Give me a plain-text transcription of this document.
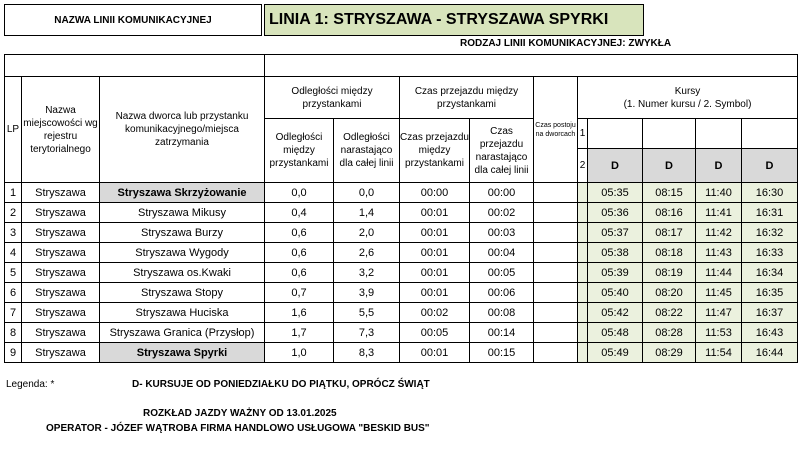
NAZWA LINII KOMUNIKACYJNEJ	LINIA 1: STRYSZAWA - STRYSZAWA SPYRKI
RODZAJ LINII KOMUNIKACYJNEJ: ZWYKŁA

LP	Nazwa miejscowości wg rejestru terytorialnego	Nazwa dworca lub przystanku komunikacyjnego/miejsca zatrzymania	Odległości między przystankami		Czas przejazdu między przystankami		Czas postoju na dworcach	Kursy
(1. Numer kursu / 2. Symbol)				

			Odległości między przystankami	Odległości narastająco dla całej linii	Czas przejazdu między przystankami	Czas przejazdu narastająco dla całej linii		1				
								2	D	D	D	D
1	Stryszawa	Stryszawa Skrzyżowanie	0,0	0,0	00:00	00:00			05:35	08:15	11:40	16:30
2	Stryszawa	Stryszawa Mikusy	0,4	1,4	00:01	00:02			05:36	08:16	11:41	16:31
3	Stryszawa	Stryszawa Burzy	0,6	2,0	00:01	00:03			05:37	08:17	11:42	16:32
4	Stryszawa	Stryszawa Wygody	0,6	2,6	00:01	00:04			05:38	08:18	11:43	16:33
5	Stryszawa	Stryszawa os.Kwaki	0,6	3,2	00:01	00:05			05:39	08:19	11:44	16:34
6	Stryszawa	Stryszawa Stopy	0,7	3,9	00:01	00:06			05:40	08:20	11:45	16:35
7	Stryszawa	Stryszawa Huciska	1,6	5,5	00:02	00:08			05:42	08:22	11:47	16:37
8	Stryszawa	Stryszawa Granica (Przysłop)	1,7	7,3	00:05	00:14			05:48	08:28	11:53	16:43
9	Stryszawa	Stryszawa Spyrki	1,0	8,3	00:01	00:15			05:49	08:29	11:54	16:44
Legenda: *	D- KURSUJE OD PONIEDZIAŁKU DO PIĄTKU, OPRÓCZ ŚWIĄT
ROZKŁAD JAZDY WAŻNY OD 13.01.2025
OPERATOR - JÓZEF WĄTROBA FIRMA HANDLOWO USŁUGOWA "BESKID BUS"
